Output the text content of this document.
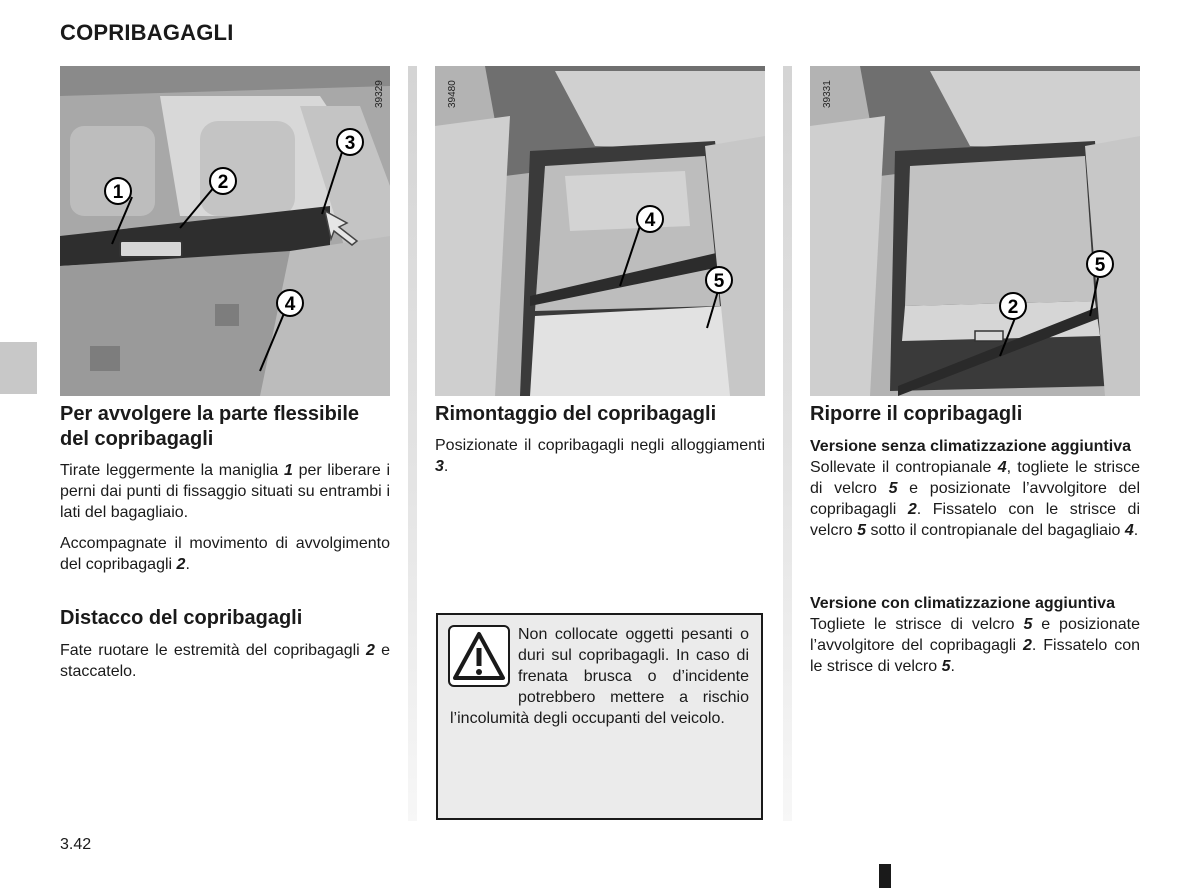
COPRIBAGAGLI
1	2
3
4
39329
4
5
39480
5
2
39331
Per avvolgere la parte flessibile del copribagagli

Tirate leggermente la maniglia 1 per liberare i perni dai punti di fissaggio situati su entrambi i lati del bagagliaio.

Accompagnate il movimento di avvolgimento del copribagagli 2.

Distacco del copribagagli

Fate ruotare le estremità del copribagagli 2 e staccatelo.

Rimontaggio del copribagagli

Posizionate il copribagagli negli alloggiamenti 3.

Non collocate oggetti pesanti o duri sul copribagagli. In caso di frenata brusca o d’incidente potrebbero mettere a rischio l’incolumità degli occupanti del veicolo.
Riporre il copribagagli

Versione senza climatizzazione aggiuntiva

Sollevate il contropianale 4, togliete le strisce di velcro 5 e posizionate l’avvolgitore del copribagagli 2. Fissatelo con le strisce di velcro 5 sotto il contropianale del bagagliaio 4.

Versione con climatizzazione aggiuntiva

Togliete le strisce di velcro 5 e posizionate l’avvolgitore del copribagagli 2. Fissatelo con le strisce di velcro 5.

3.42
